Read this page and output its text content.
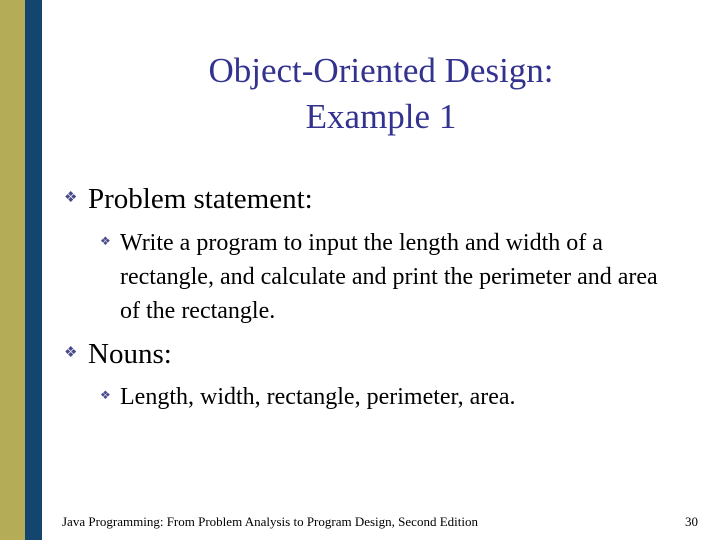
Object-Oriented Design:
Example 1
❖ Problem statement:
❖ Write a program to input the length and width of a rectangle, and calculate and print the perimeter and area of the rectangle.
❖ Nouns:
❖ Length, width, rectangle, perimeter, area.
Java Programming: From Problem Analysis to Program Design, Second Edition	30
